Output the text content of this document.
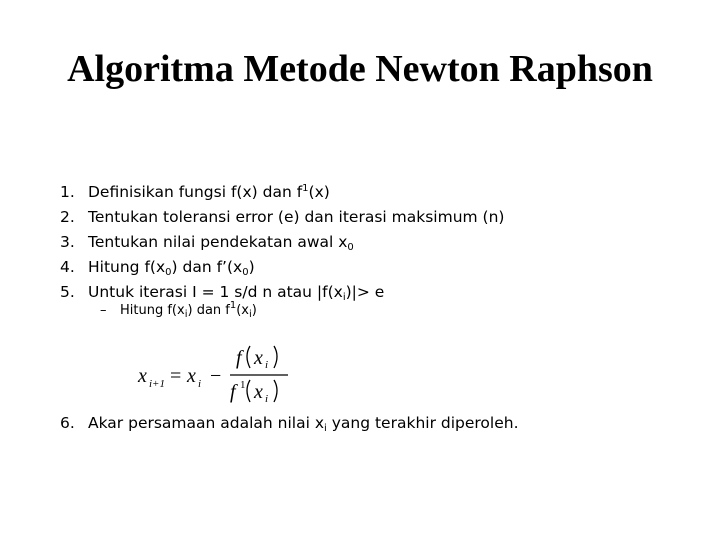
Algoritma Metode Newton Raphson
1. Definisikan fungsi f(x) dan $f^1(x)$
2. Tentukan toleransi error (e) dan iterasi maksimum (n)
3. Tentukan nilai pendekatan awal $x_0$
4. Hitung $f(x_0)$ dan $f’(x_0)$
5. Untuk iterasi I = 1 s/d n atau $|f(x_i)|> e$
– Hitung $f(x_i)$ dan $f^1(x_i)$
x i+1 = x i −
f x i
f 1 x i
6. Akar persamaan adalah nilai $x_i$ yang terakhir diperoleh.
